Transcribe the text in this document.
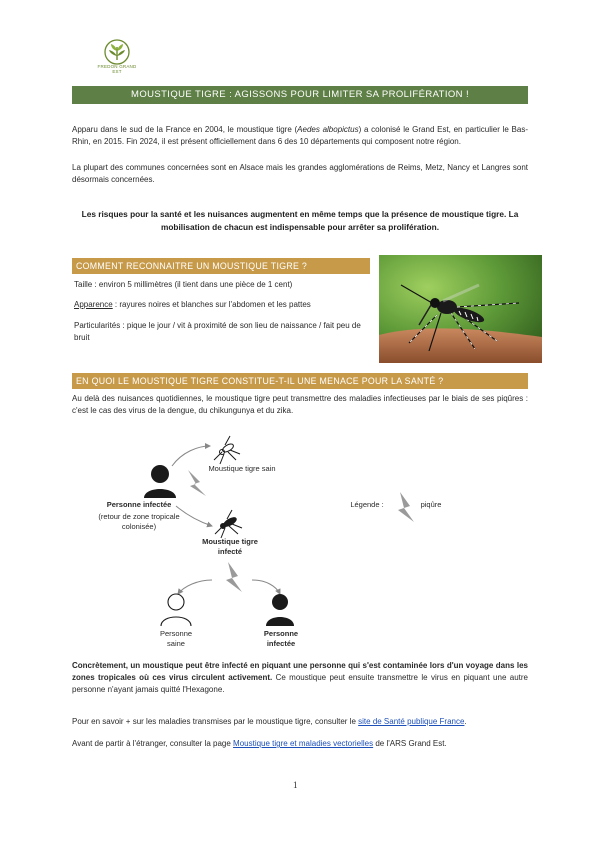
FREDON GRAND EST
MOUSTIQUE TIGRE : AGISSONS POUR LIMITER SA PROLIFÉRATION !
Apparu dans le sud de la France en 2004, le moustique tigre (Aedes albopictus) a colonisé le Grand Est, en particulier le Bas-Rhin, en 2015. Fin 2024, il est présent officiellement dans 6 des 10 départements qui composent notre région.
La plupart des communes concernées sont en Alsace mais les grandes agglomérations de Reims, Metz, Nancy et Langres sont désormais concernées.
Les risques pour la santé et les nuisances augmentent en même temps que la présence de moustique tigre. La mobilisation de chacun est indispensable pour arrêter sa prolifération.
COMMENT RECONNAITRE UN MOUSTIQUE TIGRE ?
Taille : environ 5 millimètres (il tient dans une pièce de 1 cent)
Apparence : rayures noires et blanches sur l'abdomen et les pattes
Particularités : pique le jour / vit à proximité de son lieu de naissance / fait peu de bruit
EN QUOI LE MOUSTIQUE TIGRE CONSTITUE-T-IL UNE MENACE POUR LA SANTÉ ?
Au delà des nuisances quotidiennes, le moustique tigre peut transmettre des maladies infectieuses par le biais de ses piqûres : c'est le cas des virus de la dengue, du chikungunya et du zika.
Moustique tigre sain
Personne infectée
(retour de zone tropicale colonisée)
Moustique tigre infecté
Personne saine
Personne infectée
Légende :	piqûre
Concrètement, un moustique peut être infecté en piquant une personne qui s'est contaminée lors d'un voyage dans les zones tropicales où ces virus circulent activement. Ce moustique peut ensuite transmettre le virus en piquant une autre personne n'ayant jamais quitté l'Hexagone.
Pour en savoir + sur les maladies transmises par le moustique tigre, consulter le site de Santé publique France.
Avant de partir à l'étranger, consulter la page Moustique tigre et maladies vectorielles de l'ARS Grand Est.
1
